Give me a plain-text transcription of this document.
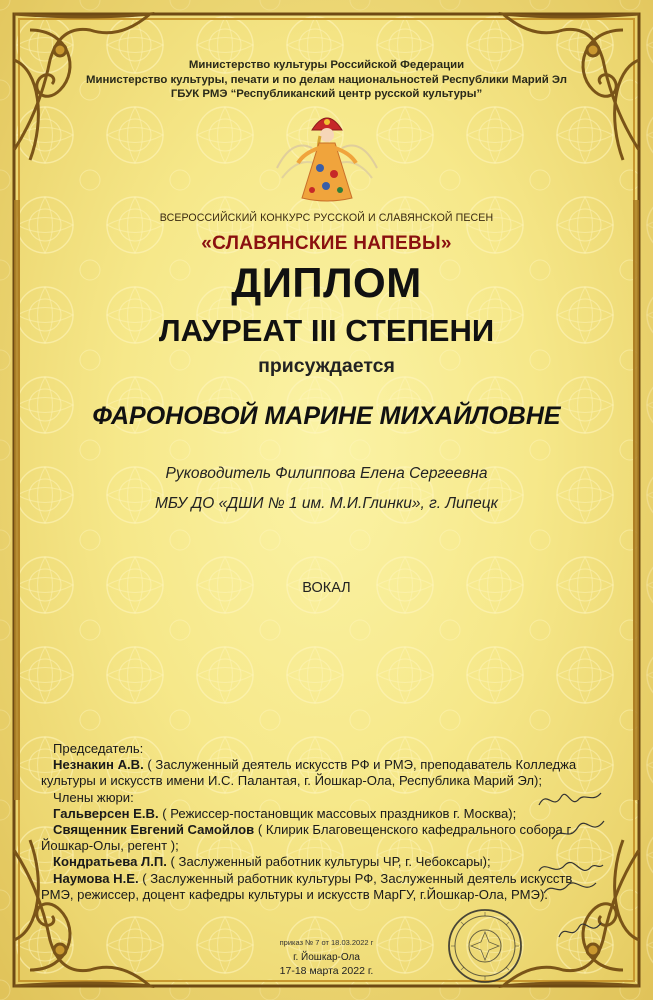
Министерство культуры Российской Федерации
Министерство культуры, печати и по делам национальностей Республики Марий Эл
ГБУК РМЭ “Республиканский центр русской культуры”
ВСЕРОССИЙСКИЙ КОНКУРС РУССКОЙ И СЛАВЯНСКОЙ ПЕСЕН
«СЛАВЯНСКИЕ НАПЕВЫ»
ДИПЛОМ
ЛАУРЕАТ III СТЕПЕНИ
присуждается
ФАРОНОВОЙ МАРИНЕ МИХАЙЛОВНЕ
Руководитель Филиппова Елена Сергеевна
МБУ ДО «ДШИ № 1 им. М.И.Глинки», г. Липецк
ВОКАЛ
Председатель:
Незнакин А.В. ( Заслуженный деятель искусств РФ и РМЭ, преподаватель Колледжа культуры и искусств имени И.С. Палантая, г. Йошкар-Ола, Республика Марий Эл);
Члены жюри:
Гальверсен Е.В. ( Режиссер-постановщик массовых праздников г. Москва);
Священник Евгений Самойлов ( Клирик Благовещенского кафедрального собора г. Йошкар-Олы, регент );
Кондратьева Л.П. ( Заслуженный работник культуры ЧР, г. Чебоксары);
Наумова Н.Е. ( Заслуженный работник культуры РФ, Заслуженный деятель искусств РМЭ, режиссер, доцент кафедры культуры и искусств МарГУ, г.Йошкар-Ола, РМЭ).
приказ № 7 от 18.03.2022 г
г. Йошкар-Ола
17-18 марта 2022 г.
